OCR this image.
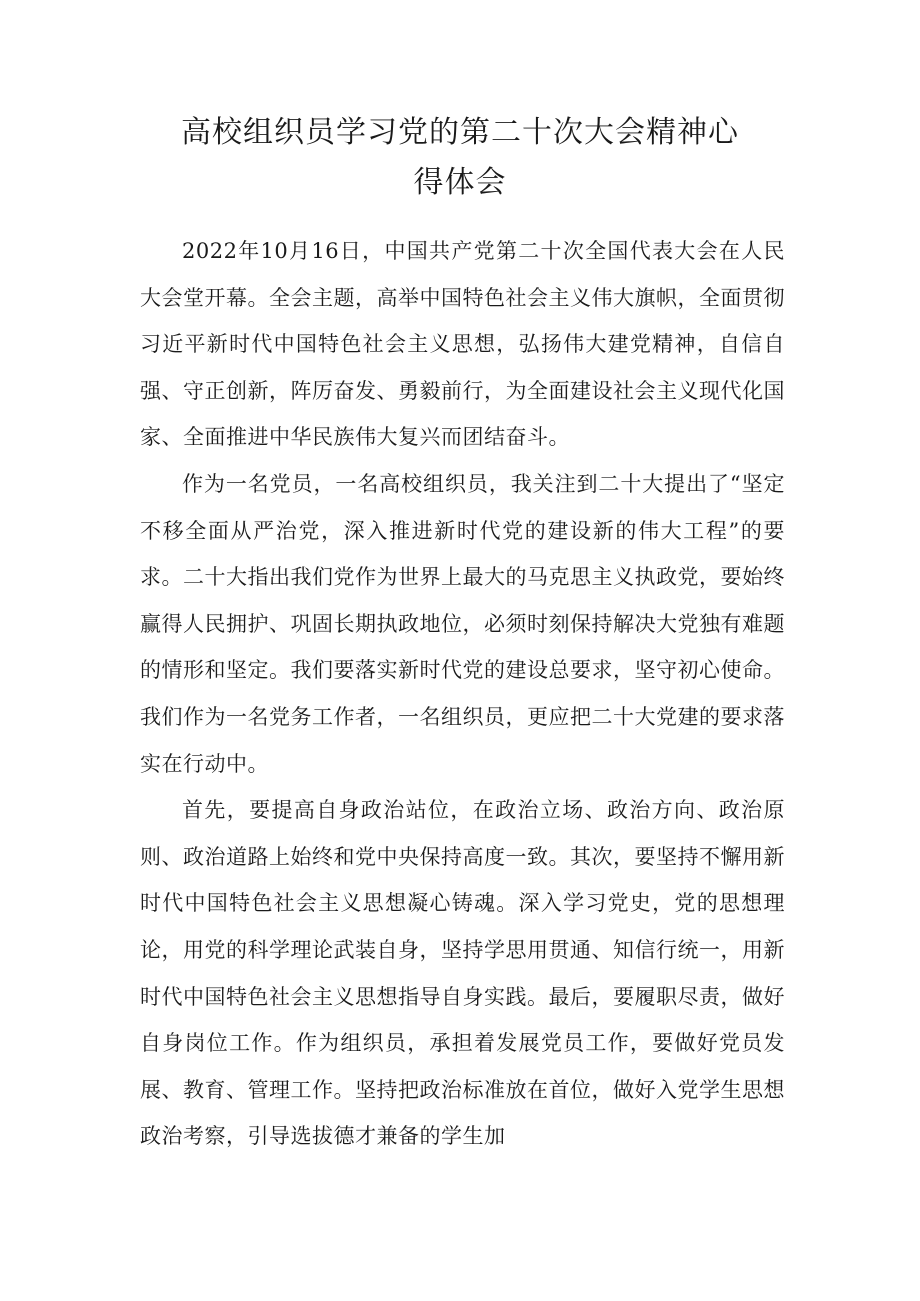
高校组织员学习党的第二十次大会精神心
得体会

2022年10月16日，中国共产党第二十次全国代表大会在人民大会堂开幕。全会主题，高举中国特色社会主义伟大旗帜，全面贯彻习近平新时代中国特色社会主义思想，弘扬伟大建党精神，自信自强、守正创新，阵厉奋发、勇毅前行，为全面建设社会主义现代化国家、全面推进中华民族伟大复兴而团结奋斗。

作为一名党员，一名高校组织员，我关注到二十大提出了“坚定不移全面从严治党，深入推进新时代党的建设新的伟大工程”的要求。二十大指出我们党作为世界上最大的马克思主义执政党，要始终赢得人民拥护、巩固长期执政地位，必须时刻保持解决大党独有难题的情形和坚定。我们要落实新时代党的建设总要求，坚守初心使命。我们作为一名党务工作者，一名组织员，更应把二十大党建的要求落实在行动中。

首先，要提高自身政治站位，在政治立场、政治方向、政治原则、政治道路上始终和党中央保持高度一致。其次，要坚持不懈用新时代中国特色社会主义思想凝心铸魂。深入学习党史，党的思想理论，用党的科学理论武装自身，坚持学思用贯通、知信行统一，用新时代中国特色社会主义思想指导自身实践。最后，要履职尽责，做好自身岗位工作。作为组织员，承担着发展党员工作，要做好党员发展、教育、管理工作。坚持把政治标准放在首位，做好入党学生思想政治考察，引导选拔德才兼备的学生加
